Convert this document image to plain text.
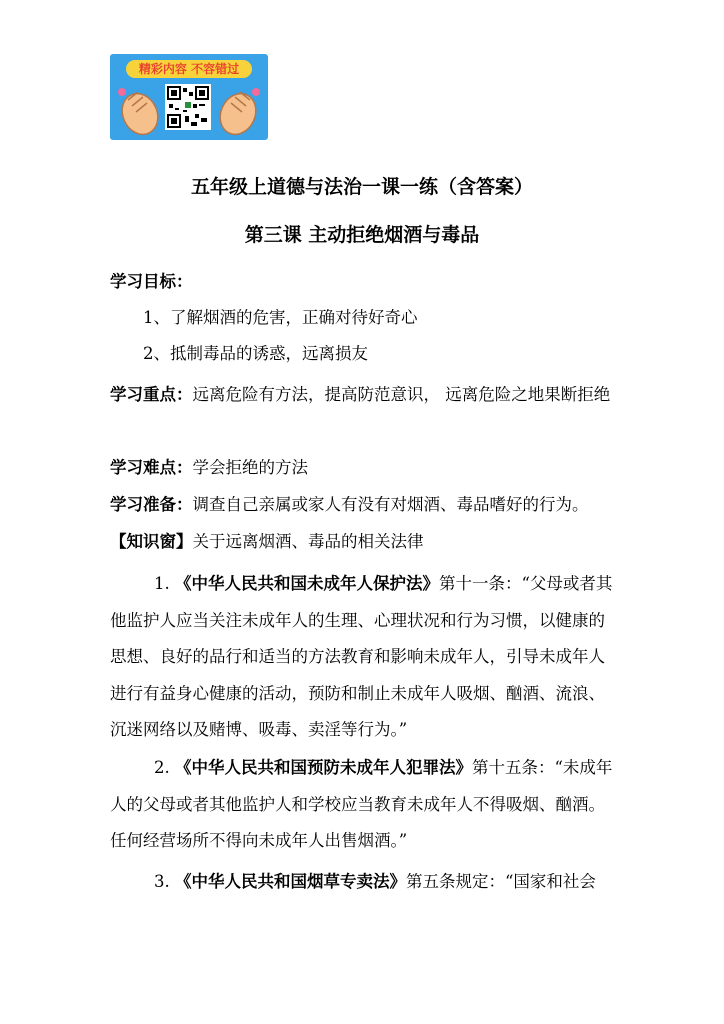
精彩内容 不容错过
五年级上道德与法治一课一练（含答案）
第三课 主动拒绝烟酒与毒品
学习目标：
1、了解烟酒的危害，正确对待好奇心
2、抵制毒品的诱惑，远离损友
学习重点：远离危险有方法，提高防范意识， 远离危险之地果断拒绝
学习难点：学会拒绝的方法
学习准备：调查自己亲属或家人有没有对烟酒、毒品嗜好的行为。
【知识窗】关于远离烟酒、毒品的相关法律
1. 《中华人民共和国未成年人保护法》第十一条：“父母或者其他监护人应当关注未成年人的生理、心理状况和行为习惯，以健康的思想、良好的品行和适当的方法教育和影响未成年人，引导未成年人进行有益身心健康的活动，预防和制止未成年人吸烟、酗酒、流浪、沉迷网络以及赌博、吸毒、卖淫等行为。”
2. 《中华人民共和国预防未成年人犯罪法》第十五条：“未成年人的父母或者其他监护人和学校应当教育未成年人不得吸烟、酗酒。任何经营场所不得向未成年人出售烟酒。”
3. 《中华人民共和国烟草专卖法》第五条规定：“国家和社会
